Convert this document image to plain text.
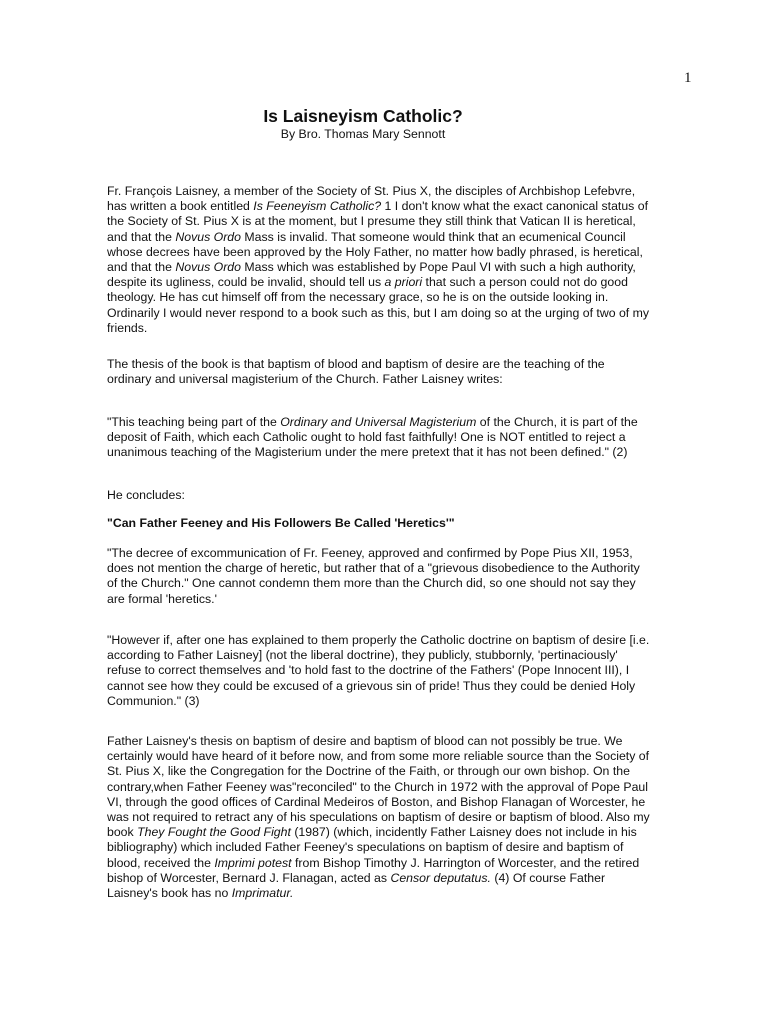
1
Is Laisneyism Catholic?
By Bro. Thomas Mary Sennott
Fr. François Laisney, a member of the Society of St. Pius X, the disciples of Archbishop Lefebvre,
has written a book entitled Is Feeneyism Catholic? 1 I don't know what the exact canonical status of
the Society of St. Pius X is at the moment, but I presume they still think that Vatican II is heretical,
and that the Novus Ordo Mass is invalid. That someone would think that an ecumenical Council
whose decrees have been approved by the Holy Father, no matter how badly phrased, is heretical,
and that the Novus Ordo Mass which was established by Pope Paul VI with such a high authority,
despite its ugliness, could be invalid, should tell us a priori that such a person could not do good
theology. He has cut himself off from the necessary grace, so he is on the outside looking in.
Ordinarily I would never respond to a book such as this, but I am doing so at the urging of two of my
friends.
The thesis of the book is that baptism of blood and baptism of desire are the teaching of the
ordinary and universal magisterium of the Church. Father Laisney writes:
"This teaching being part of the Ordinary and Universal Magisterium of the Church, it is part of the
deposit of Faith, which each Catholic ought to hold fast faithfully! One is NOT entitled to reject a
unanimous teaching of the Magisterium under the mere pretext that it has not been defined." (2)
He concludes:
"Can Father Feeney and His Followers Be Called 'Heretics'"
"The decree of excommunication of Fr. Feeney, approved and confirmed by Pope Pius XII, 1953,
does not mention the charge of heretic, but rather that of a "grievous disobedience to the Authority
of the Church." One cannot condemn them more than the Church did, so one should not say they
are formal 'heretics.'
"However if, after one has explained to them properly the Catholic doctrine on baptism of desire [i.e.
according to Father Laisney] (not the liberal doctrine), they publicly, stubbornly, 'pertinaciously'
refuse to correct themselves and 'to hold fast to the doctrine of the Fathers' (Pope Innocent III), I
cannot see how they could be excused of a grievous sin of pride! Thus they could be denied Holy
Communion." (3)
Father Laisney's thesis on baptism of desire and baptism of blood can not possibly be true. We
certainly would have heard of it before now, and from some more reliable source than the Society of
St. Pius X, like the Congregation for the Doctrine of the Faith, or through our own bishop. On the
contrary,when Father Feeney was"reconciled" to the Church in 1972 with the approval of Pope Paul
VI, through the good offices of Cardinal Medeiros of Boston, and Bishop Flanagan of Worcester, he
was not required to retract any of his speculations on baptism of desire or baptism of blood. Also my
book They Fought the Good Fight (1987) (which, incidently Father Laisney does not include in his
bibliography) which included Father Feeney's speculations on baptism of desire and baptism of
blood, received the Imprimi potest from Bishop Timothy J. Harrington of Worcester, and the retired
bishop of Worcester, Bernard J. Flanagan, acted as Censor deputatus. (4) Of course Father
Laisney's book has no Imprimatur.
